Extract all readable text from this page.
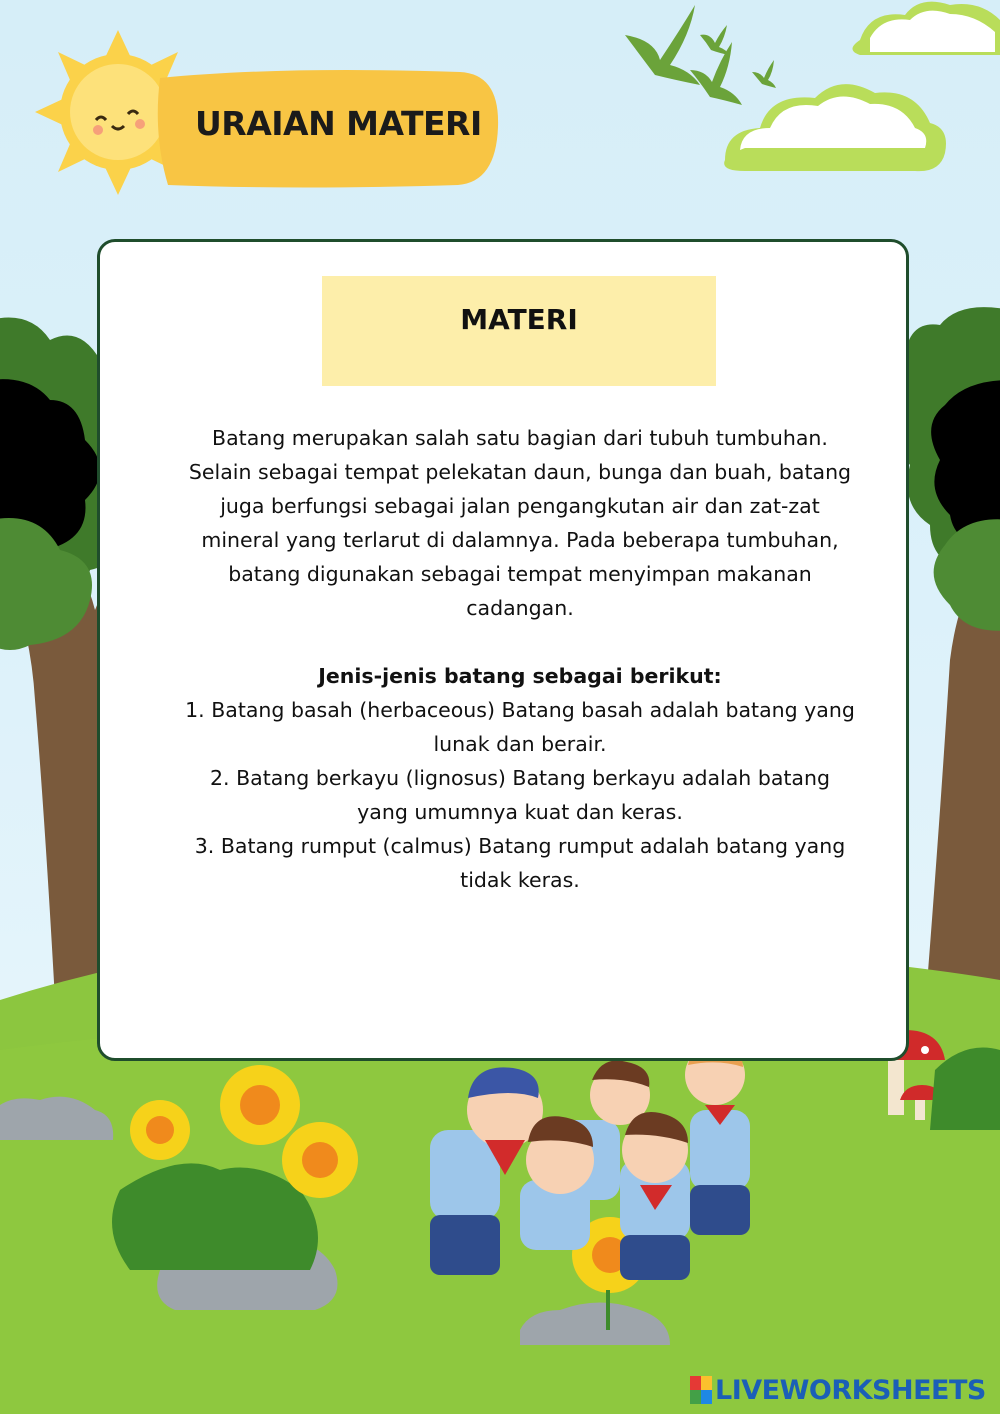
URAIAN MATERI
MATERI

Batang merupakan salah satu bagian dari tubuh tumbuhan.

Selain sebagai tempat pelekatan daun, bunga dan buah, batang

juga berfungsi sebagai jalan pengangkutan air dan zat-zat

mineral yang terlarut di dalamnya. Pada beberapa tumbuhan,

batang digunakan sebagai tempat menyimpan makanan

cadangan.

Jenis-jenis batang sebagai berikut:

1. Batang basah (herbaceous) Batang basah adalah batang yang

lunak dan berair.

2. Batang berkayu (lignosus) Batang berkayu adalah batang

yang umumnya kuat dan keras.

3. Batang rumput (calmus) Batang rumput adalah batang yang

tidak keras.

LIVEWORKSHEETS
